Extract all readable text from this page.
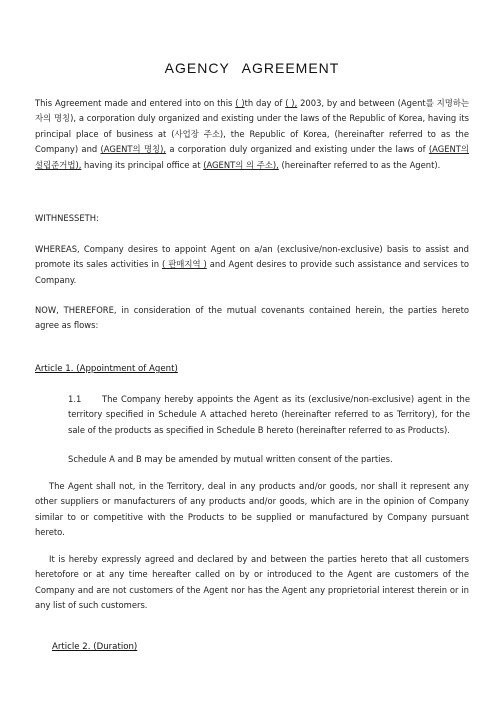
AGENCY AGREEMENT
This Agreement made and entered into on this ( )th day of ( ), 2003, by and between (Agent를 지명하는 자의 명칭), a corporation duly organized and existing under the laws of the Republic of Korea, having its principal place of business at (사업장 주소), the Republic of Korea, (hereinafter referred to as the Company) and (AGENT의 명칭), a corporation duly organized and existing under the laws of (AGENT의 설립준거법), having its principal office at (AGENT의 의 주소), (hereinafter referred to as the Agent).
WITHNESSETH:
WHEREAS, Company desires to appoint Agent on a/an (exclusive/non-exclusive) basis to assist and promote its sales activities in ( 판매지역 ) and Agent desires to provide such assistance and services to Company.
NOW, THEREFORE, in consideration of the mutual covenants contained herein, the parties hereto agree as flows:
Article 1. (Appointment of Agent)
1.1 The Company hereby appoints the Agent as its (exclusive/non-exclusive) agent in the territory specified in Schedule A attached hereto (hereinafter referred to as Territory), for the sale of the products as specified in Schedule B hereto (hereinafter referred to as Products).
Schedule A and B may be amended by mutual written consent of the parties.
The Agent shall not, in the Territory, deal in any products and/or goods, nor shall it represent any other suppliers or manufacturers of any products and/or goods, which are in the opinion of Company similar to or competitive with the Products to be supplied or manufactured by Company pursuant hereto.
It is hereby expressly agreed and declared by and between the parties hereto that all customers heretofore or at any time hereafter called on by or introduced to the Agent are customers of the Company and are not customers of the Agent nor has the Agent any proprietorial interest therein or in any list of such customers.
Article 2. (Duration)
